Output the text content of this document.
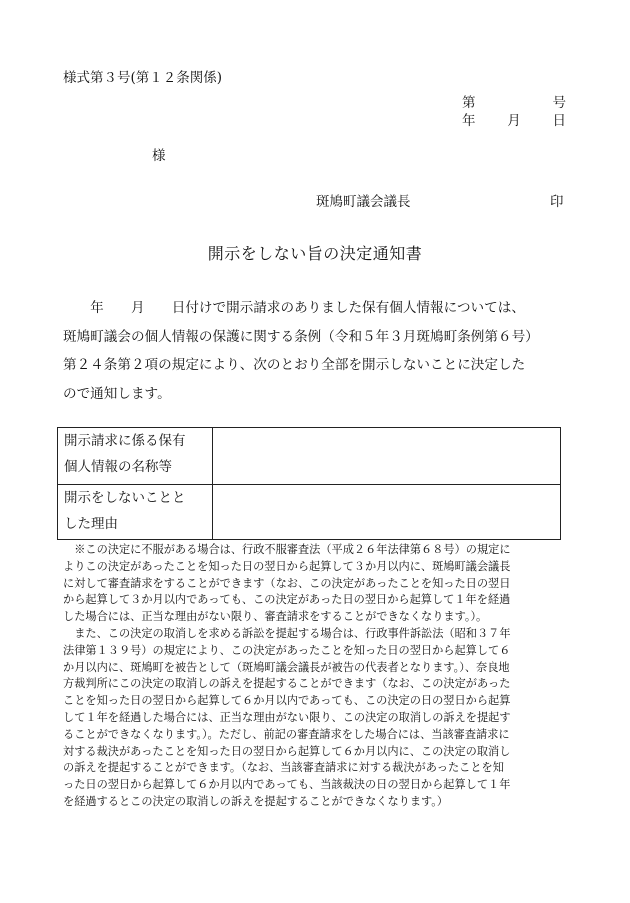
様式第３号(第１２条関係)
第	号
年 月 日
様
斑鳩町議会議長	印
開示をしない旨の決定通知書

　　年　　月　　日付けで開示請求のありました保有個人情報については、

斑鳩町議会の個人情報の保護に関する条例（令和５年３月斑鳩町条例第６号）

第２４条第２項の規定により、次のとおり全部を開示しないことに決定した

ので通知します。

開示請求に係る保有
個人情報の名称等	

開示をしないことと
した理由	

　※この決定に不服がある場合は、行政不服審査法（平成２６年法律第６８号）の規定に

よりこの決定があったことを知った日の翌日から起算して３か月以内に、斑鳩町議会議長

に対して審査請求をすることができます（なお、この決定があったことを知った日の翌日

から起算して３か月以内であっても、この決定があった日の翌日から起算して１年を経過

した場合には、正当な理由がない限り、審査請求をすることができなくなります。）。

　また、この決定の取消しを求める訴訟を提起する場合は、行政事件訴訟法（昭和３７年

法律第１３９号）の規定により、この決定があったことを知った日の翌日から起算して６

か月以内に、斑鳩町を被告として（斑鳩町議会議長が被告の代表者となります。）、奈良地

方裁判所にこの決定の取消しの訴えを提起することができます（なお、この決定があった

ことを知った日の翌日から起算して６か月以内であっても、この決定の日の翌日から起算

して１年を経過した場合には、正当な理由がない限り、この決定の取消しの訴えを提起す

ることができなくなります。）。ただし、前記の審査請求をした場合には、当該審査請求に

対する裁決があったことを知った日の翌日から起算して６か月以内に、この決定の取消し

の訴えを提起することができます。（なお、当該審査請求に対する裁決があったことを知

った日の翌日から起算して６か月以内であっても、当該裁決の日の翌日から起算して１年

を経過するとこの決定の取消しの訴えを提起することができなくなります。）
